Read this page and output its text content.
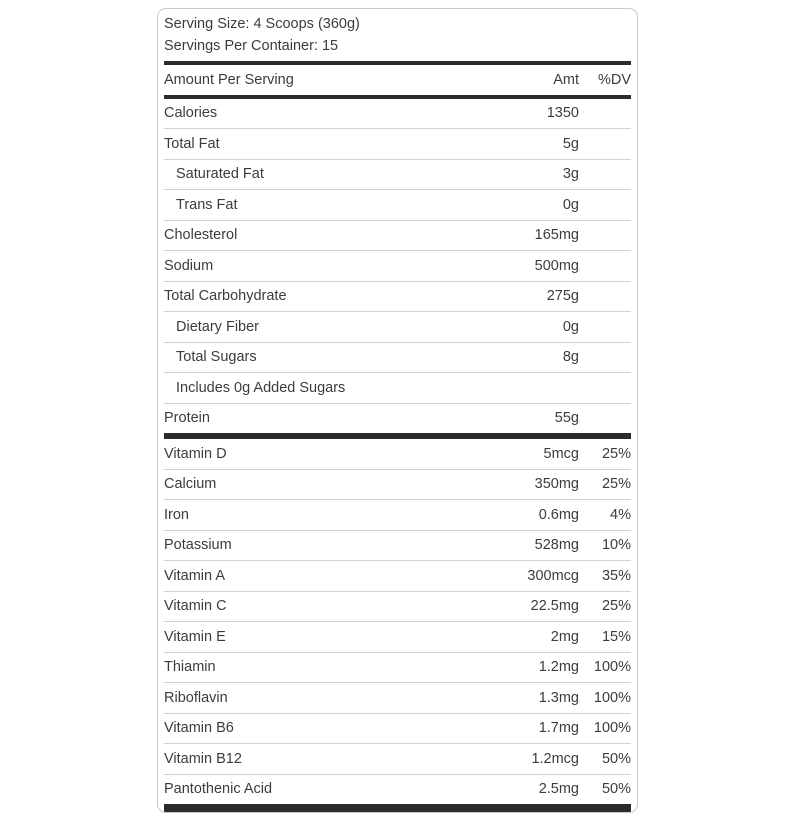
Serving Size: 4 Scoops (360g)
Servings Per Container: 15
Amount Per Serving	Amt	%DV
Calories	1350
Total Fat	5g
Saturated Fat	3g
Trans Fat	0g
Cholesterol	165mg
Sodium	500mg
Total Carbohydrate	275g
Dietary Fiber	0g
Total Sugars	8g
Includes 0g Added Sugars
Protein	55g
Vitamin D	5mcg	25%
Calcium	350mg	25%
Iron	0.6mg	4%
Potassium	528mg	10%
Vitamin A	300mcg	35%
Vitamin C	22.5mg	25%
Vitamin E	2mg	15%
Thiamin	1.2mg	100%
Riboflavin	1.3mg	100%
Vitamin B6	1.7mg	100%
Vitamin B12	1.2mcg	50%
Pantothenic Acid	2.5mg	50%
